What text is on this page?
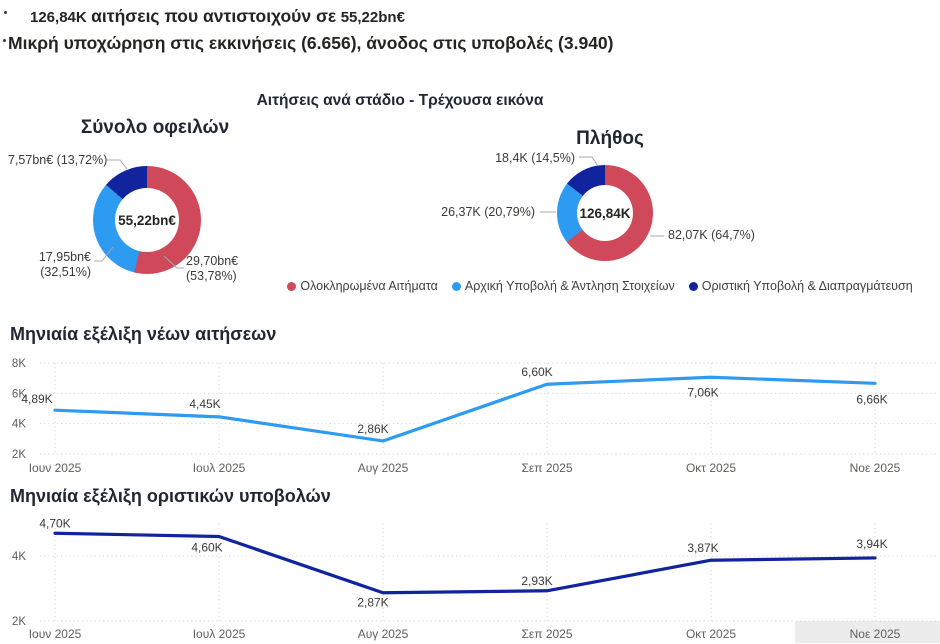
126,84K αιτήσεις που αντιστοιχούν σε 55,22bn€
Μικρή υποχώρηση στις εκκινήσεις (6.656), άνοδος στις υποβολές (3.940)
Αιτήσεις ανά στάδιο - Τρέχουσα εικόνα
Σύνολο οφειλών
55,22bn€
7,57bn€ (13,72%)
17,95bn€
(32,51%)
29,70bn€
(53,78%)
Πλήθος
126,84K
18,4K (14,5%)
26,37K (20,79%)
82,07K (64,7%)
Ολοκληρωμένα Αιτήματα Αρχική Υποβολή & Άντληση Στοιχείων Οριστική Υποβολή & Διαπραγμάτευση
Μηνιαία εξέλιξη νέων αιτήσεων
2K
4K
6K
8K
Ιουν 2025	Ιουλ 2025	Αυγ 2025	Σεπ 2025	Οκτ 2025	Νοε 2025
4,89K	4,45K
2,86K
6,60K
7,06K
6,66K
Μηνιαία εξέλιξη οριστικών υποβολών
2K
4K
Ιουν 2025	Ιουλ 2025	Αυγ 2025	Σεπ 2025	Οκτ 2025	Νοε 2025
4,70K
4,60K
2,87K
2,93K
3,87K	3,94K
